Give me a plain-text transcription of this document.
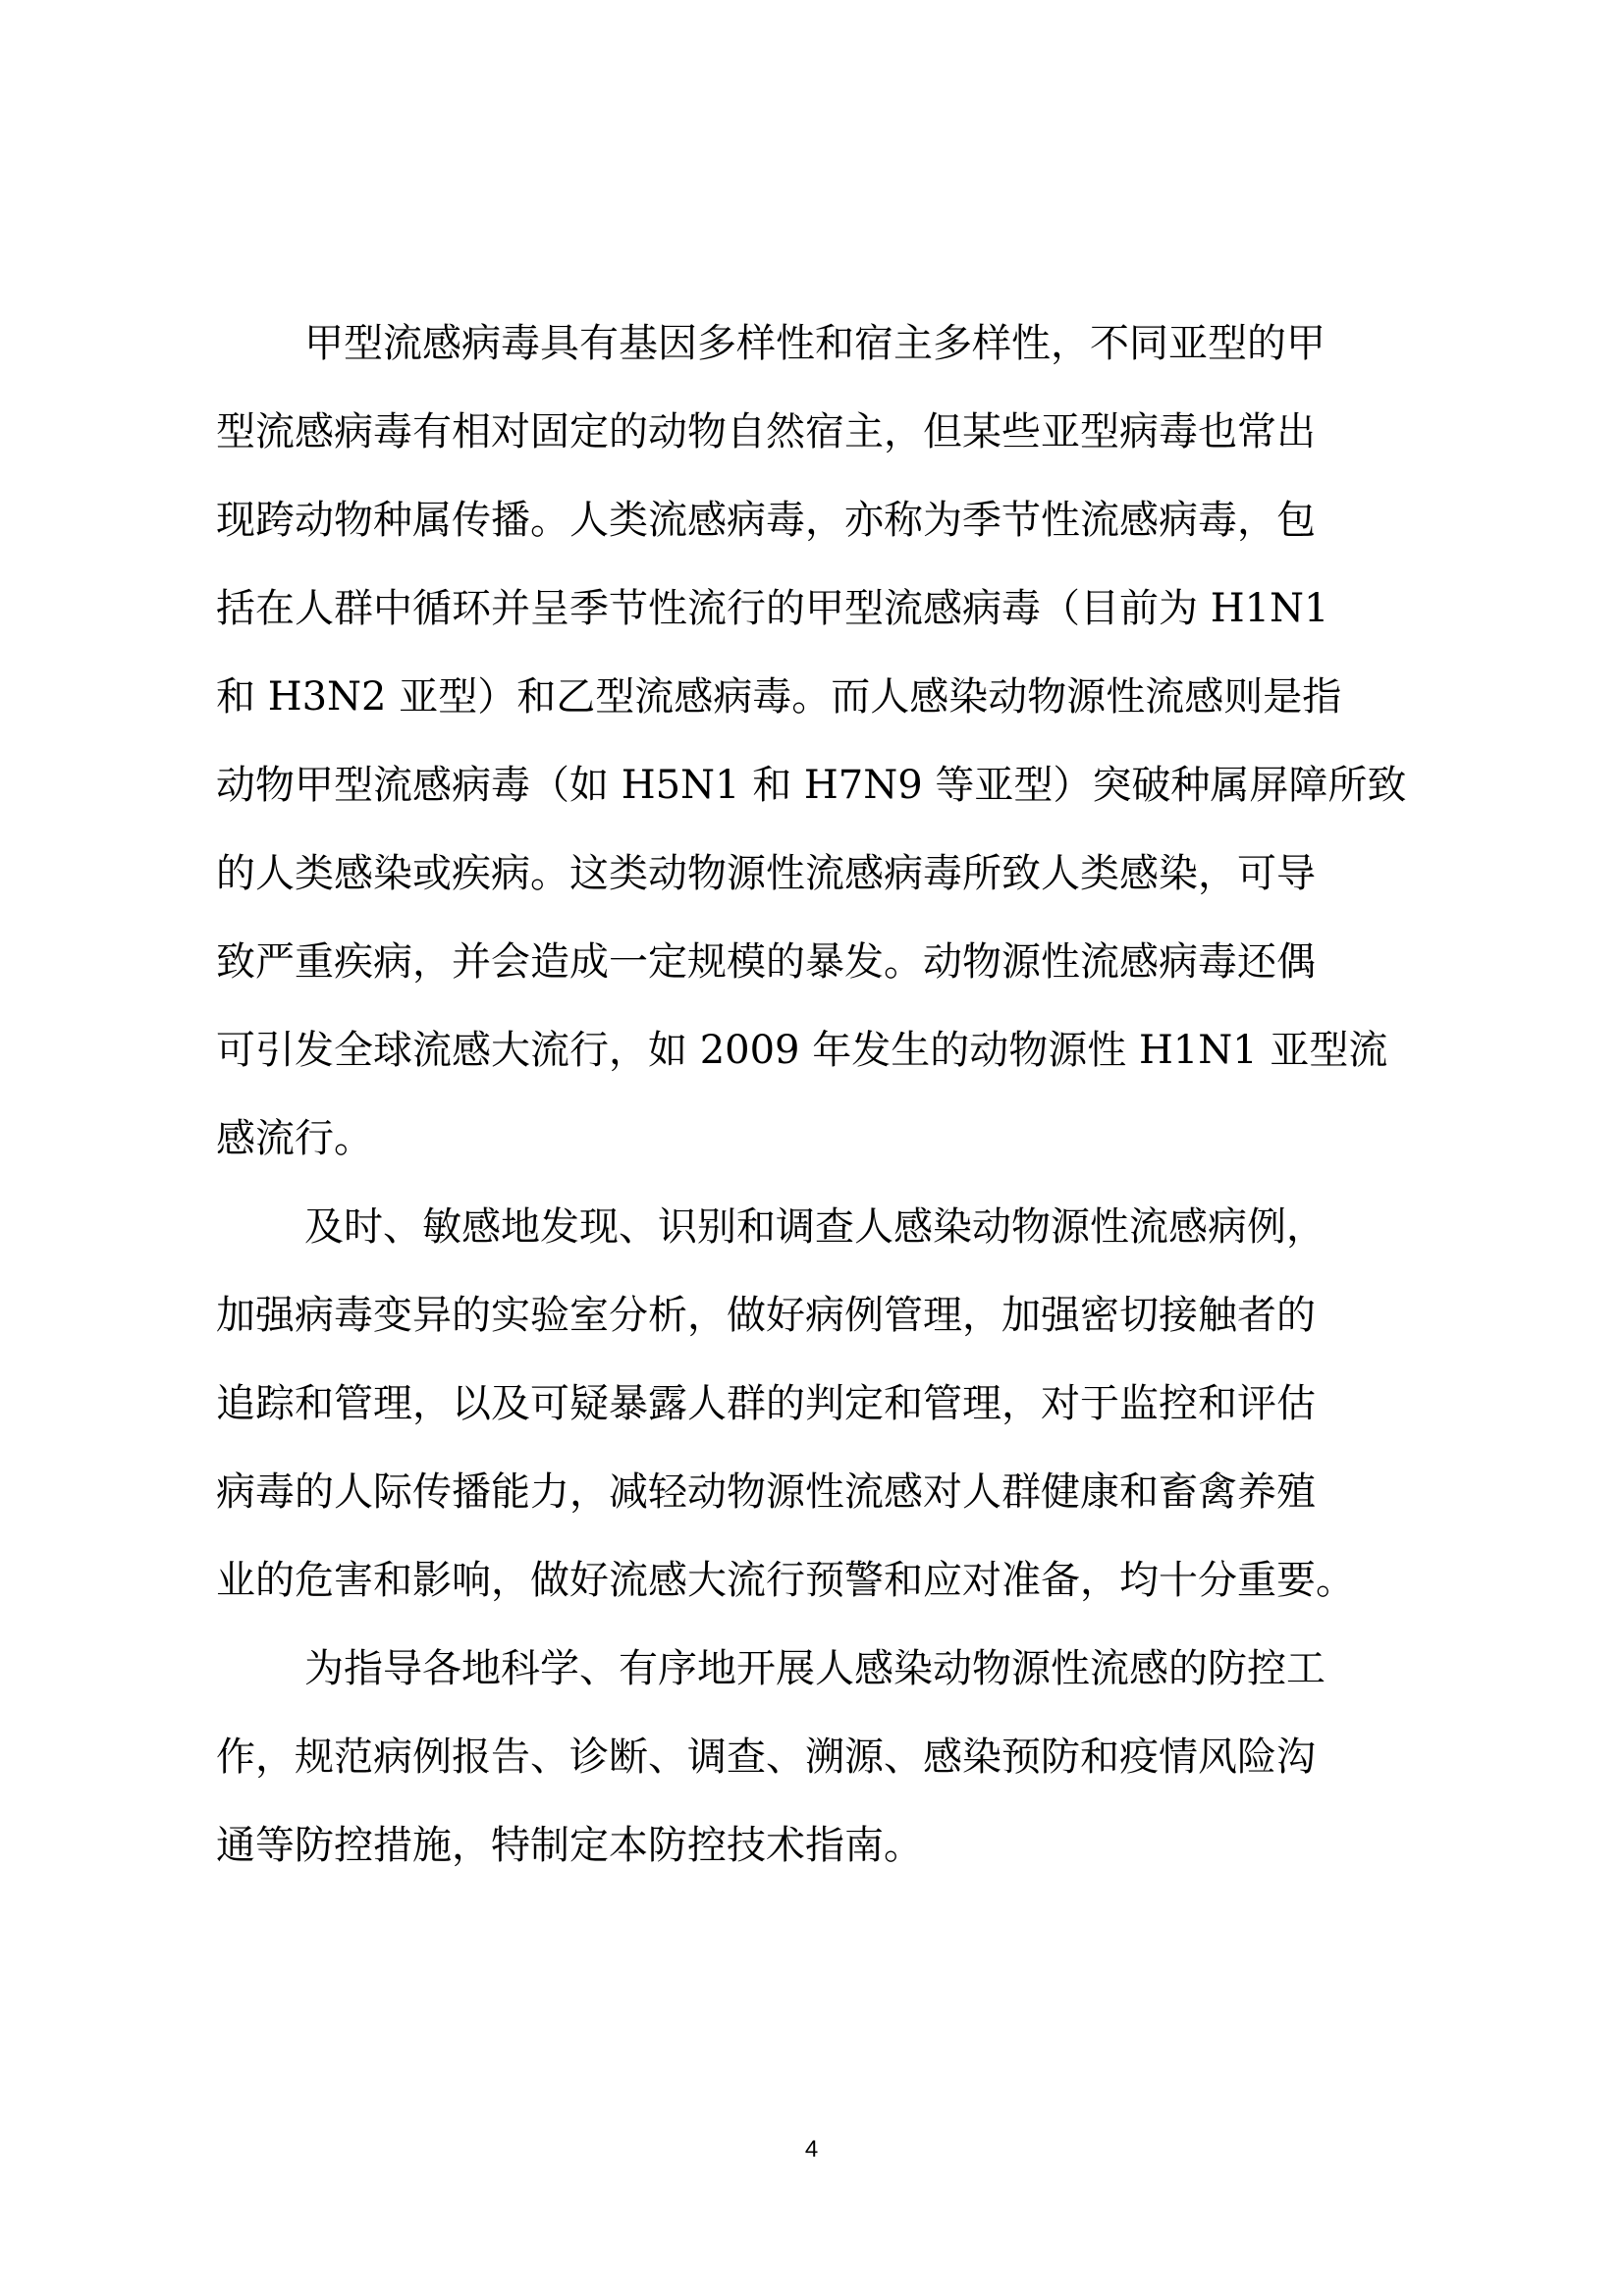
甲型流感病毒具有基因多样性和宿主多样性，不同亚型的甲

型流感病毒有相对固定的动物自然宿主，但某些亚型病毒也常出

现跨动物种属传播。人类流感病毒，亦称为季节性流感病毒，包

括在人群中循环并呈季节性流行的甲型流感病毒（目前为 H1N1

和 H3N2 亚型）和乙型流感病毒。而人感染动物源性流感则是指

动物甲型流感病毒（如 H5N1 和 H7N9 等亚型）突破种属屏障所致

的人类感染或疾病。这类动物源性流感病毒所致人类感染，可导

致严重疾病，并会造成一定规模的暴发。动物源性流感病毒还偶

可引发全球流感大流行，如 2009 年发生的动物源性 H1N1 亚型流

感流行。

及时、敏感地发现、识别和调查人感染动物源性流感病例，

加强病毒变异的实验室分析，做好病例管理，加强密切接触者的

追踪和管理，以及可疑暴露人群的判定和管理，对于监控和评估

病毒的人际传播能力，减轻动物源性流感对人群健康和畜禽养殖

业的危害和影响，做好流感大流行预警和应对准备，均十分重要。

为指导各地科学、有序地开展人感染动物源性流感的防控工

作，规范病例报告、诊断、调查、溯源、感染预防和疫情风险沟

通等防控措施，特制定本防控技术指南。

4
